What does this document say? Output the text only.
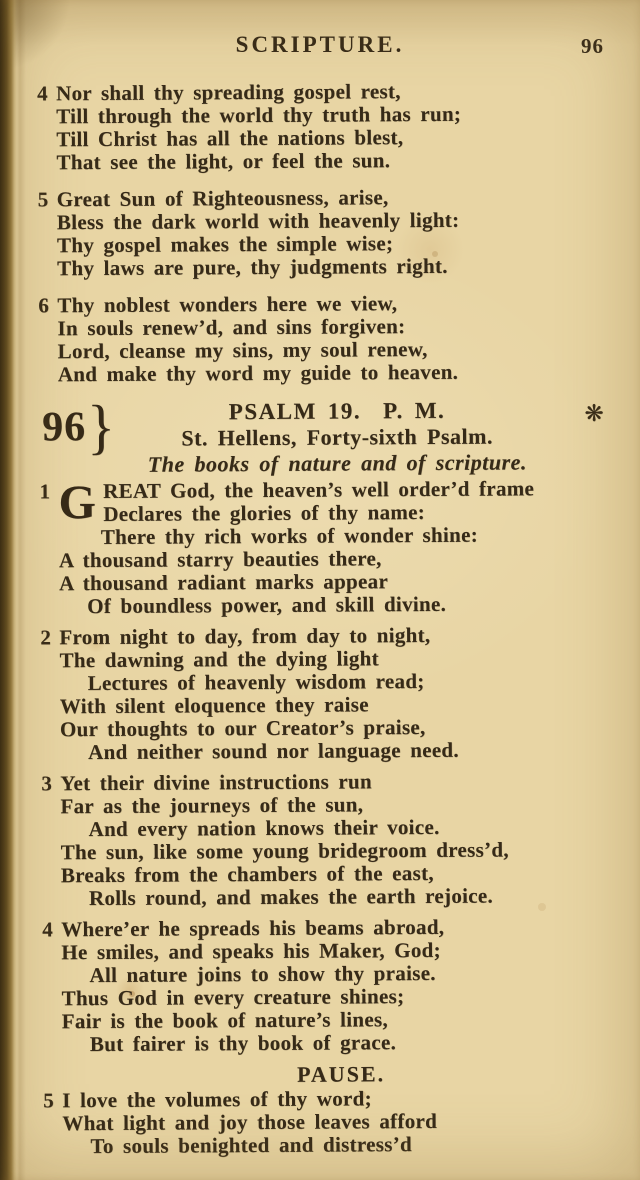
SCRIPTURE.	96
4 Nor shall thy spreading gospel rest,
Till through the world thy truth has run;
Till Christ has all the nations blest,
That see the light, or feel the sun.
5 Great Sun of Righteousness, arise,
Bless the dark world with heavenly light:
Thy gospel makes the simple wise;
Thy laws are pure, thy judgments right.
6 Thy noblest wonders here we view,
In souls renew’d, and sins forgiven:
Lord, cleanse my sins, my soul renew,
And make thy word my guide to heaven.
96 }	PSALM 19.  P. M.	❋
St. Hellens, Forty-sixth Psalm.
The books of nature and of scripture.
1 GREAT God, the heaven’s well order’d frame
Declares the glories of thy name:
There thy rich works of wonder shine:
A thousand starry beauties there,
A thousand radiant marks appear
Of boundless power, and skill divine.
2 From night to day, from day to night,
The dawning and the dying light
Lectures of heavenly wisdom read;
With silent eloquence they raise
Our thoughts to our Creator’s praise,
And neither sound nor language need.
3 Yet their divine instructions run
Far as the journeys of the sun,
And every nation knows their voice.
The sun, like some young bridegroom dress’d,
Breaks from the chambers of the east,
Rolls round, and makes the earth rejoice.
4 Where’er he spreads his beams abroad,
He smiles, and speaks his Maker, God;
All nature joins to show thy praise.
Thus God in every creature shines;
Fair is the book of nature’s lines,
But fairer is thy book of grace.
PAUSE.
5 I love the volumes of thy word;
What light and joy those leaves afford
To souls benighted and distress’d
